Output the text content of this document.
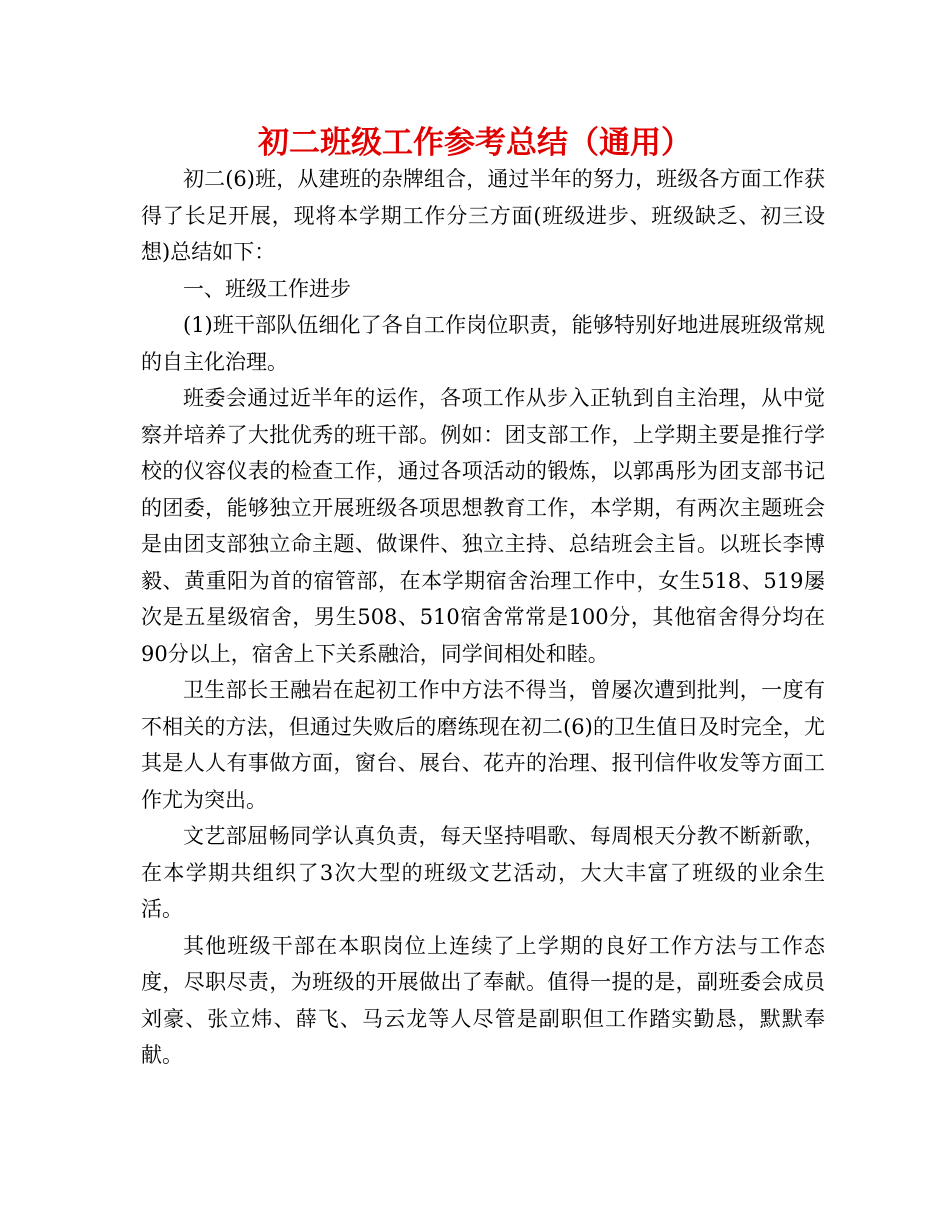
初二班级工作参考总结（通用）

初二(6)班，从建班的杂牌组合，通过半年的努力，班级各方面工作获得了长足开展，现将本学期工作分三方面(班级进步、班级缺乏、初三设想)总结如下：

一、班级工作进步

(1)班干部队伍细化了各自工作岗位职责，能够特别好地进展班级常规的自主化治理。

班委会通过近半年的运作，各项工作从步入正轨到自主治理，从中觉察并培养了大批优秀的班干部。例如：团支部工作，上学期主要是推行学校的仪容仪表的检查工作，通过各项活动的锻炼，以郭禹彤为团支部书记的团委，能够独立开展班级各项思想教育工作，本学期，有两次主题班会是由团支部独立命主题、做课件、独立主持、总结班会主旨。以班长李博毅、黄重阳为首的宿管部，在本学期宿舍治理工作中，女生518、519屡次是五星级宿舍，男生508、510宿舍常常是100分，其他宿舍得分均在90分以上，宿舍上下关系融洽，同学间相处和睦。

卫生部长王融岩在起初工作中方法不得当，曾屡次遭到批判，一度有不相关的方法，但通过失败后的磨练现在初二(6)的卫生值日及时完全，尤其是人人有事做方面，窗台、展台、花卉的治理、报刊信件收发等方面工作尤为突出。

文艺部屈畅同学认真负责，每天坚持唱歌、每周根天分教不断新歌，在本学期共组织了3次大型的班级文艺活动，大大丰富了班级的业余生活。

其他班级干部在本职岗位上连续了上学期的良好工作方法与工作态度，尽职尽责，为班级的开展做出了奉献。值得一提的是，副班委会成员刘豪、张立炜、薛飞、马云龙等人尽管是副职但工作踏实勤恳，默默奉献。
